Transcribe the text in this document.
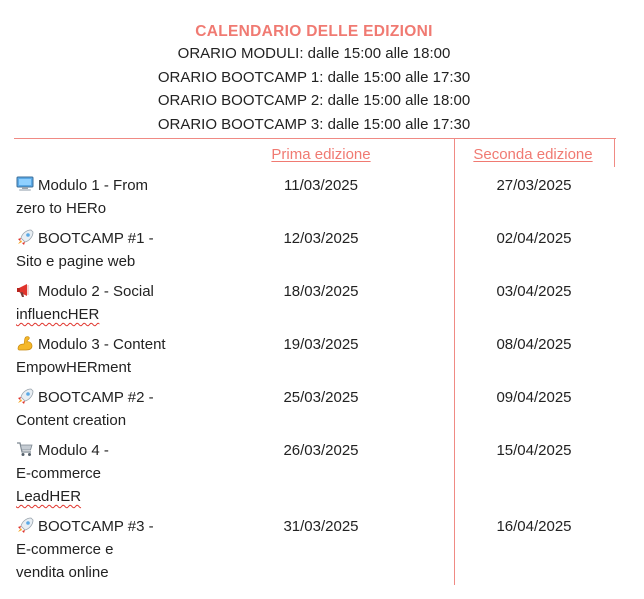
CALENDARIO DELLE EDIZIONI
ORARIO MODULI: dalle 15:00 alle 18:00
ORARIO BOOTCAMP 1: dalle 15:00 alle 17:30
ORARIO BOOTCAMP 2: dalle 15:00 alle 18:00
ORARIO BOOTCAMP 3: dalle 15:00 alle 17:30
Prima edizione	Seconda edizione
Modulo 1 - From
zero to HERo
11/03/2025	27/03/2025
BOOTCAMP #1 -
Sito e pagine web
12/03/2025	02/04/2025
Modulo 2 - Social
influencHER
18/03/2025	03/04/2025
Modulo 3 - Content
EmpowHERment
19/03/2025	08/04/2025
BOOTCAMP #2 -
Content creation
25/03/2025	09/04/2025
Modulo 4 -
E-commerce
LeadHER
26/03/2025	15/04/2025
BOOTCAMP #3 -
E-commerce e
vendita online
31/03/2025	16/04/2025
